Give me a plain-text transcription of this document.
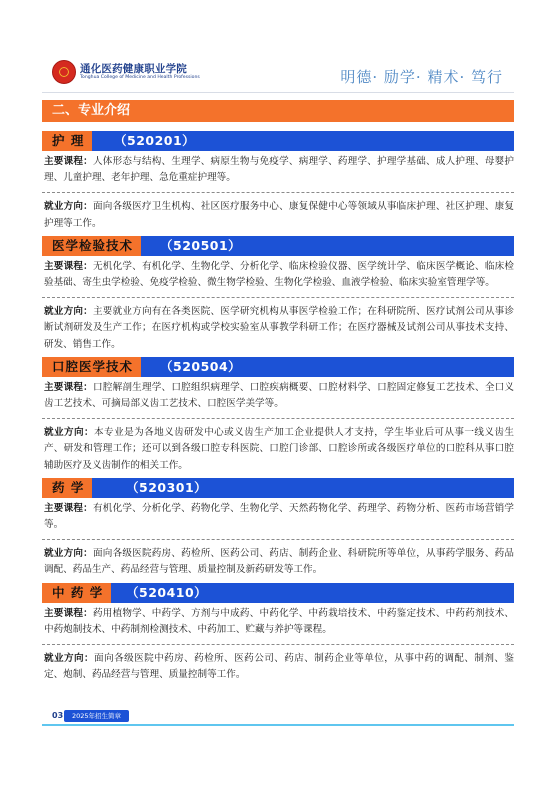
通化医药健康职业学院
Tonghua College of Medicine and Health Professions	明德· 励学· 精术· 笃行
二、专业介绍
护 理	（520201）
主要课程：人体形态与结构、生理学、病原生物与免疫学、病理学、药理学、护理学基础、成人护理、母婴护理、儿童护理、老年护理、急危重症护理等。
就业方向：面向各级医疗卫生机构、社区医疗服务中心、康复保健中心等领域从事临床护理、社区护理、康复护理等工作。
医学检验技术	（520501）
主要课程：无机化学、有机化学、生物化学、分析化学、临床检验仪器、医学统计学、临床医学概论、临床检验基础、寄生虫学检验、免疫学检验、微生物学检验、生物化学检验、血液学检验、临床实验室管理学等。
就业方向：主要就业方向有在各类医院、医学研究机构从事医学检验工作；在科研院所、医疗试剂公司从事诊断试剂研发及生产工作；在医疗机构或学校实验室从事教学科研工作；在医疗器械及试剂公司从事技术支持、研发、销售工作。
口腔医学技术	（520504）
主要课程：口腔解剖生理学、口腔组织病理学、口腔疾病概要、口腔材料学、口腔固定修复工艺技术、全口义齿工艺技术、可摘局部义齿工艺技术、口腔医学美学等。
就业方向：本专业是为各地义齿研发中心或义齿生产加工企业提供人才支持，学生毕业后可从事一线义齿生产、研发和管理工作；还可以到各级口腔专科医院、口腔门诊部、口腔诊所或各级医疗单位的口腔科从事口腔辅助医疗及义齿制作的相关工作。
药 学	（520301）
主要课程：有机化学、分析化学、药物化学、生物化学、天然药物化学、药理学、药物分析、医药市场营销学等。
就业方向：面向各级医院药房、药检所、医药公司、药店、制药企业、科研院所等单位，从事药学服务、药品调配、药品生产、药品经营与管理、质量控制及新药研发等工作。
中 药 学	（520410）
主要课程：药用植物学、中药学、方剂与中成药、中药化学、中药栽培技术、中药鉴定技术、中药药剂技术、中药炮制技术、中药制剂检测技术、中药加工、贮藏与养护等课程。
就业方向：面向各级医院中药房、药检所、医药公司、药店、制药企业等单位，从事中药的调配、制剂、鉴定、炮制、药品经营与管理、质量控制等工作。
03	2025年招生简章
